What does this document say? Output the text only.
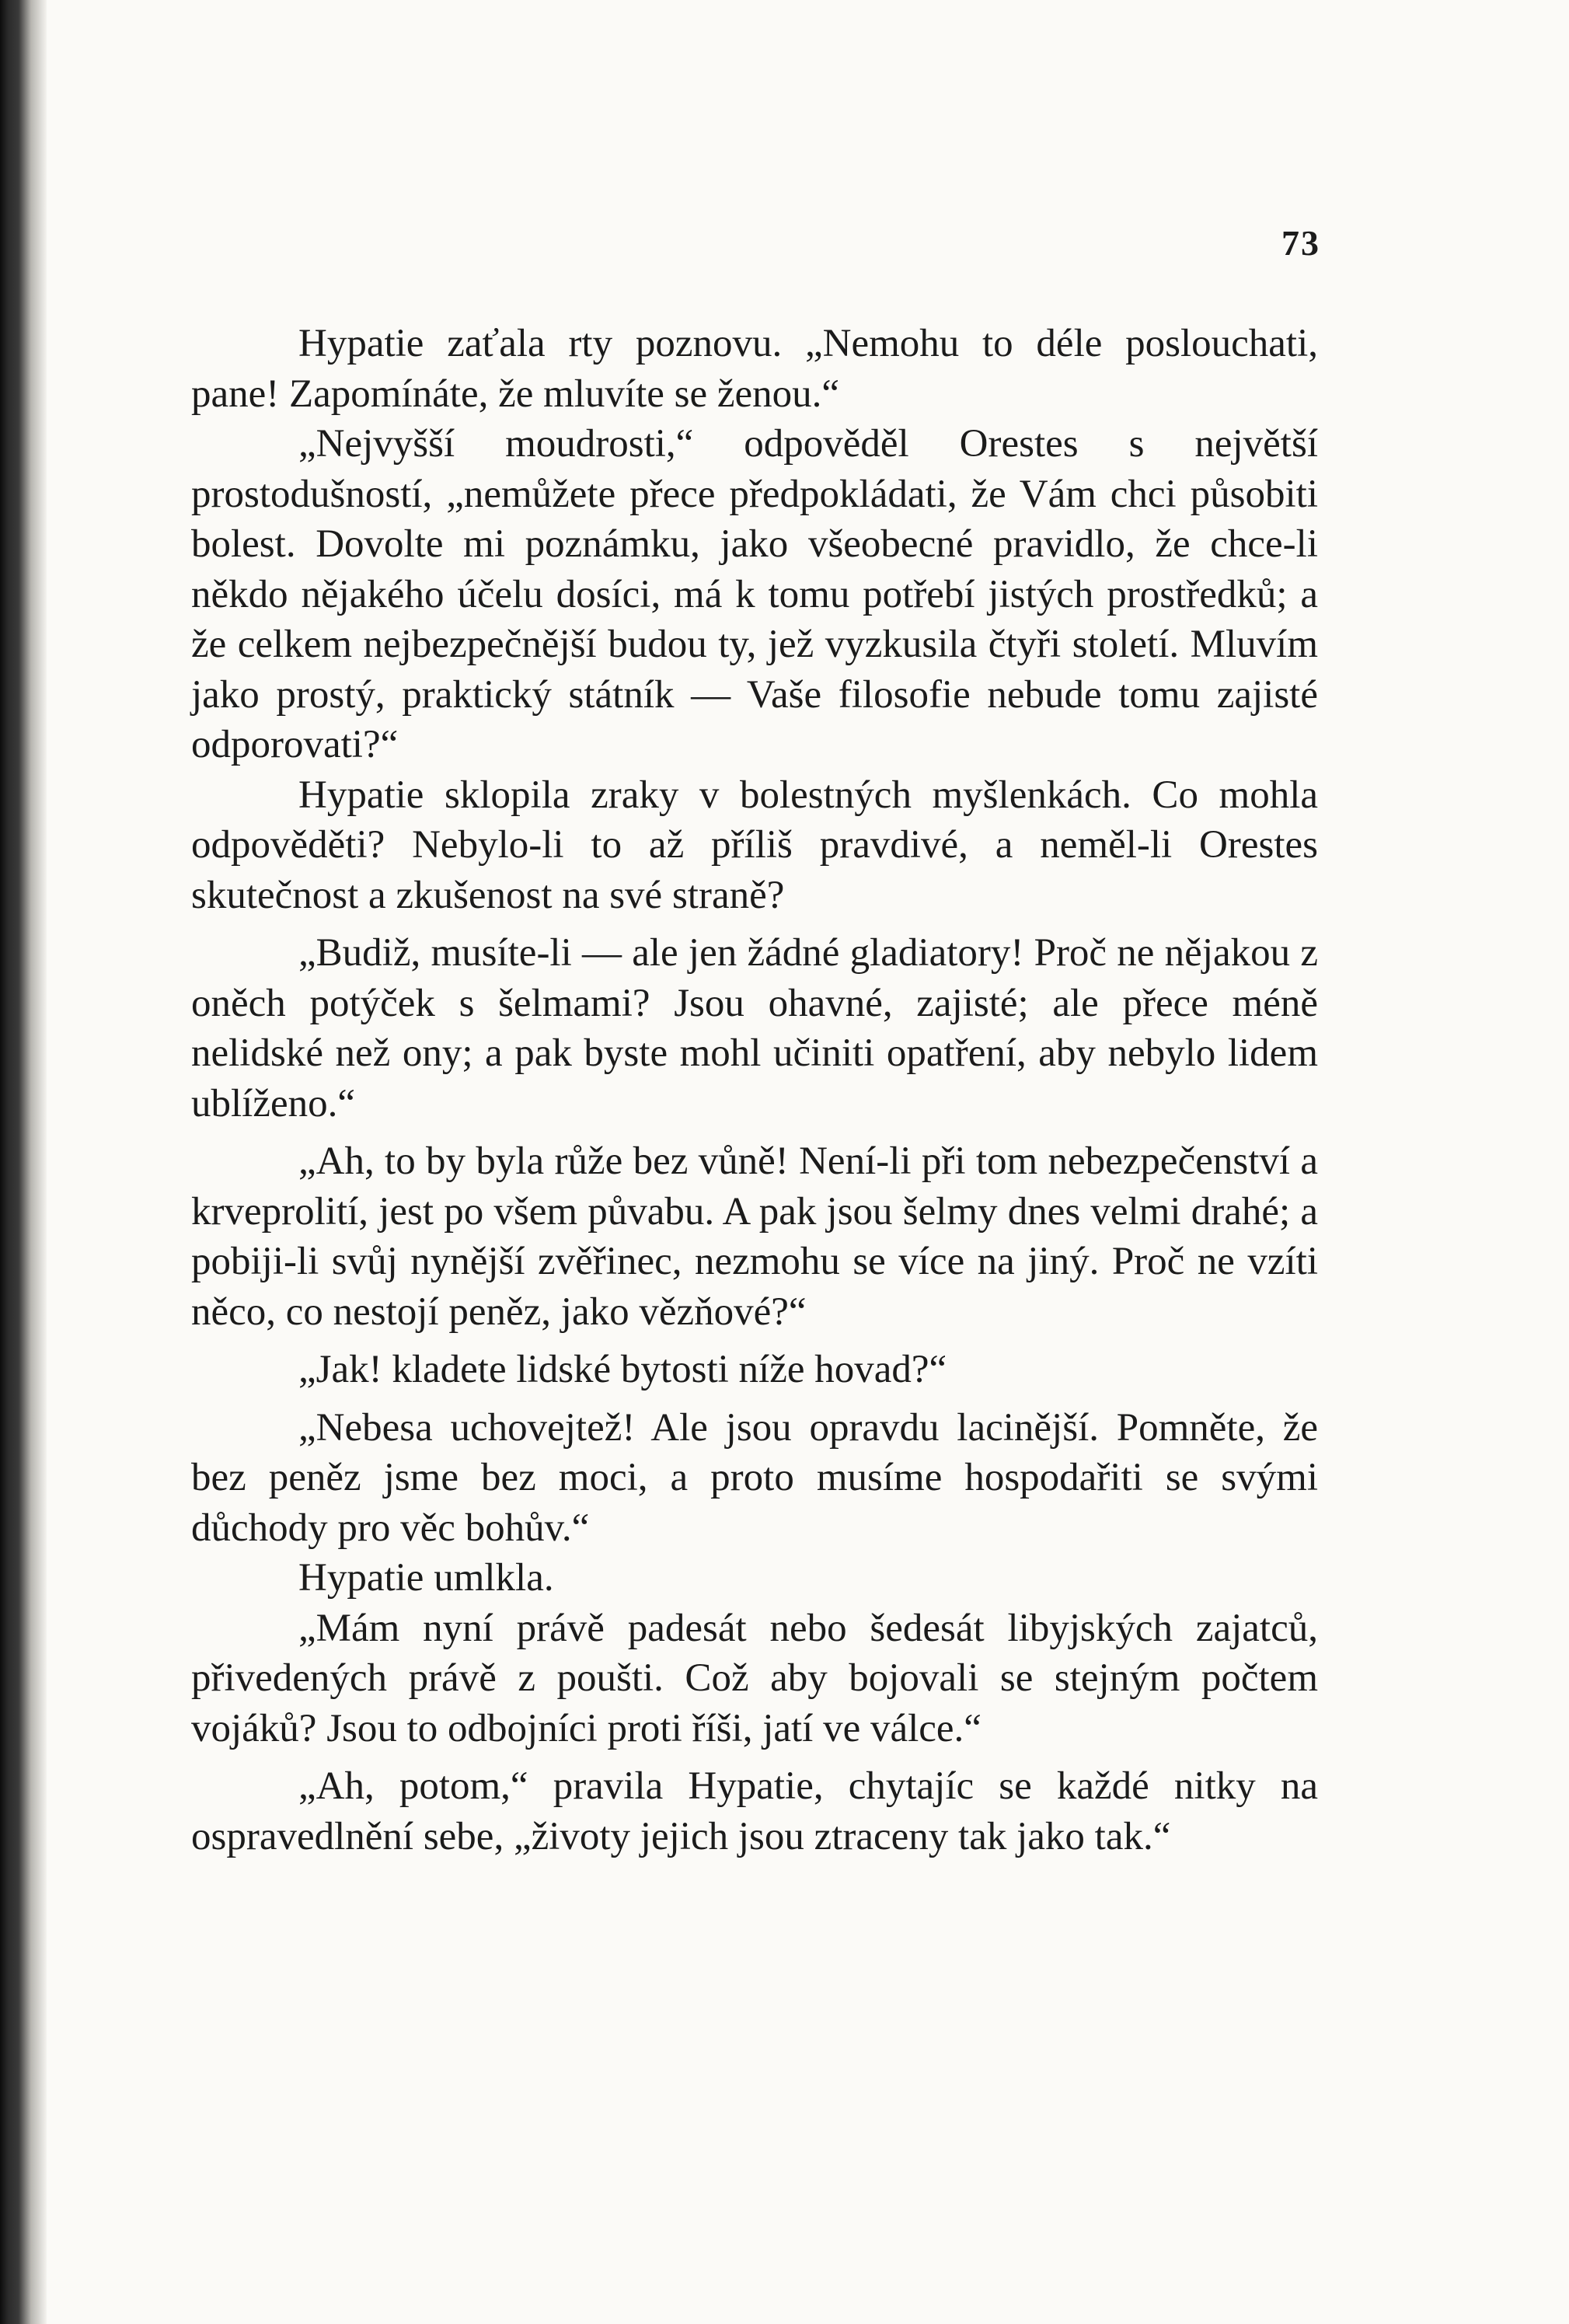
73

Hypatie zaťala rty poznovu. „Nemohu to déle poslouchati, pane! Zapomínáte, že mluvíte se ženou.“

„Nejvyšší moudrosti,“ odpověděl Orestes s největší prostodušností, „nemůžete přece předpokládati, že Vám chci působiti bolest. Dovolte mi poznámku, jako všeobecné pravidlo, že chce-li někdo nějakého účelu dosíci, má k tomu potřebí jistých prostředků; a že celkem nejbezpečnější budou ty, jež vyzkusila čtyři století. Mluvím jako prostý, praktický státník — Vaše filosofie nebude tomu zajisté odporovati?“

Hypatie sklopila zraky v bolestných myšlenkách. Co mohla odpověděti? Nebylo-li to až příliš pravdivé, a neměl-li Orestes skutečnost a zkušenost na své straně?

„Budiž, musíte-li — ale jen žádné gladiatory! Proč ne nějakou z oněch potýček s šelmami? Jsou ohavné, zajisté; ale přece méně nelidské než ony; a pak byste mohl učiniti opatření, aby nebylo lidem ublíženo.“

„Ah, to by byla růže bez vůně! Není-li při tom nebezpečenství a krveprolití, jest po všem půvabu. A pak jsou šelmy dnes velmi drahé; a pobiji-li svůj nynější zvěřinec, nezmohu se více na jiný. Proč ne vzíti něco, co nestojí peněz, jako vězňové?“

„Jak! kladete lidské bytosti níže hovad?“

„Nebesa uchovejtež! Ale jsou opravdu lacinější. Pomněte, že bez peněz jsme bez moci, a proto musíme hospodařiti se svými důchody pro věc bohův.“

Hypatie umlkla.

„Mám nyní právě padesát nebo šedesát libyjských zajatců, přivedených právě z poušti. Což aby bojovali se stejným počtem vojáků? Jsou to odbojníci proti říši, jatí ve válce.“

„Ah, potom,“ pravila Hypatie, chytajíc se každé nitky na ospravedlnění sebe, „životy jejich jsou ztraceny tak jako tak.“
